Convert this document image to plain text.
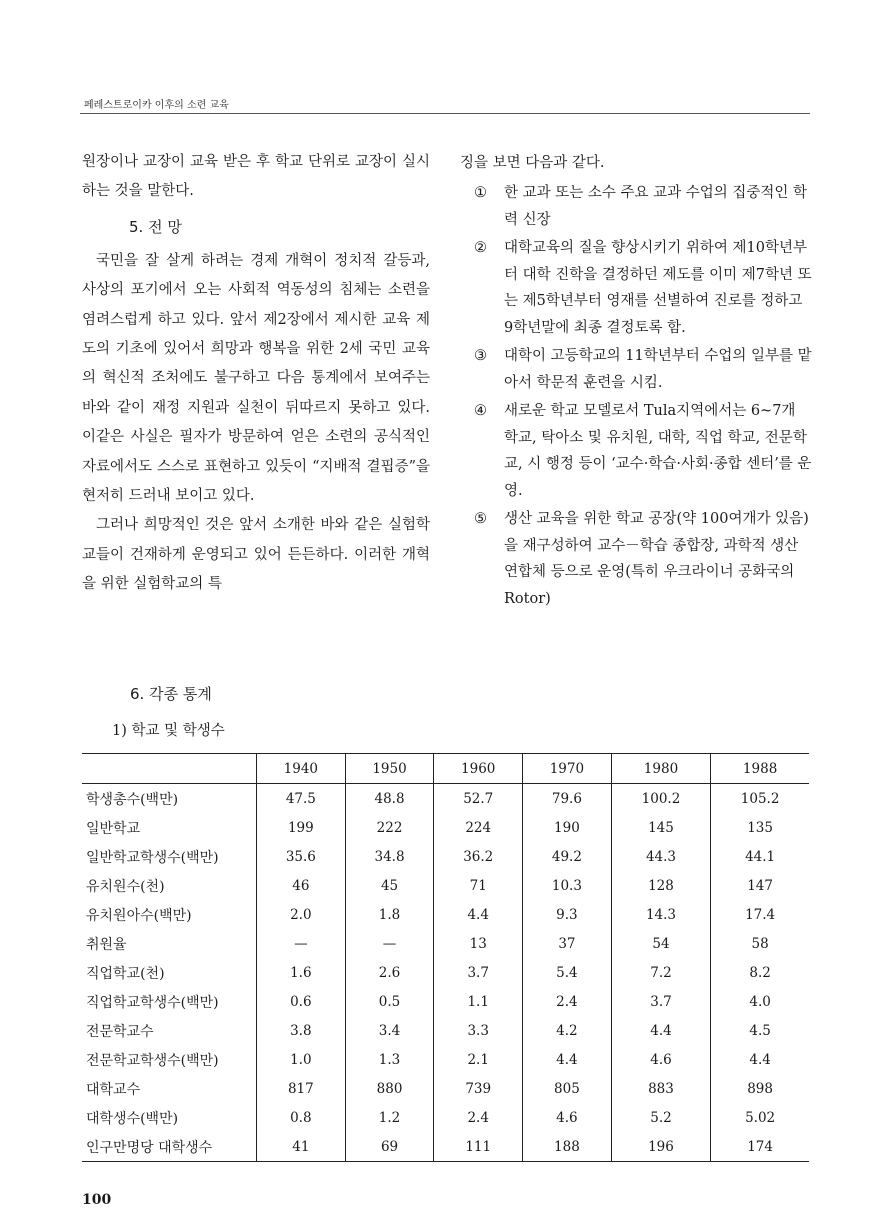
페레스트로이카 이후의 소련 교육

원장이나 교장이 교육 받은 후 학교 단위로 교장이 실시하는 것을 말한다.

5. 전 망

국민을 잘 살게 하려는 경제 개혁이 정치적 갈등과, 사상의 포기에서 오는 사회적 역동성의 침체는 소련을 염려스럽게 하고 있다. 앞서 제2장에서 제시한 교육 제도의 기초에 있어서 희망과 행복을 위한 2세 국민 교육의 혁신적 조처에도 불구하고 다음 통계에서 보여주는 바와 같이 재정 지원과 실천이 뒤따르지 못하고 있다. 이같은 사실은 필자가 방문하여 얻은 소련의 공식적인 자료에서도 스스로 표현하고 있듯이 “지배적 결핍증”을 현저히 드러내 보이고 있다.

그러나 희망적인 것은 앞서 소개한 바와 같은 실험학교들이 건재하게 운영되고 있어 든든하다. 이러한 개혁을 위한 실험학교의 특

징을 보면 다음과 같다.

① 한 교과 또는 소수 주요 교과 수업의 집중적인 학력 신장
② 대학교육의 질을 향상시키기 위하여 제10학년부터 대학 진학을 결정하던 제도를 이미 제7학년 또는 제5학년부터 영재를 선별하여 진로를 정하고 9학년말에 최종 결정토록 함.
③ 대학이 고등학교의 11학년부터 수업의 일부를 맡아서 학문적 훈련을 시킴.
④ 새로운 학교 모델로서 Tula지역에서는 6~7개 학교, 탁아소 및 유치원, 대학, 직업 학교, 전문학교, 시 행정 등이 ‘교수·학습·사회·종합 센터’를 운영.
⑤ 생산 교육을 위한 학교 공장(약 100여개가 있음)을 재구성하여 교수－학습 종합장, 과학적 생산 연합체 등으로 운영(특히 우크라이너 공화국의 Rotor)
6. 각종 통계
1) 학교 및 학생수
	1940	1950	1960	1970	1980	1988
학생총수(백만)	47.5	48.8	52.7	79.6	100.2	105.2
일반학교	199	222	224	190	145	135
일반학교학생수(백만)	35.6	34.8	36.2	49.2	44.3	44.1
유치원수(천)	46	45	71	10.3	128	147
유치원아수(백만)	2.0	1.8	4.4	9.3	14.3	17.4
취원율	—	—	13	37	54	58
직업학교(천)	1.6	2.6	3.7	5.4	7.2	8.2
직업학교학생수(백만)	0.6	0.5	1.1	2.4	3.7	4.0
전문학교수	3.8	3.4	3.3	4.2	4.4	4.5
전문학교학생수(백만)	1.0	1.3	2.1	4.4	4.6	4.4
대학교수	817	880	739	805	883	898
대학생수(백만)	0.8	1.2	2.4	4.6	5.2	5.02
인구만명당 대학생수	41	69	111	188	196	174
100
